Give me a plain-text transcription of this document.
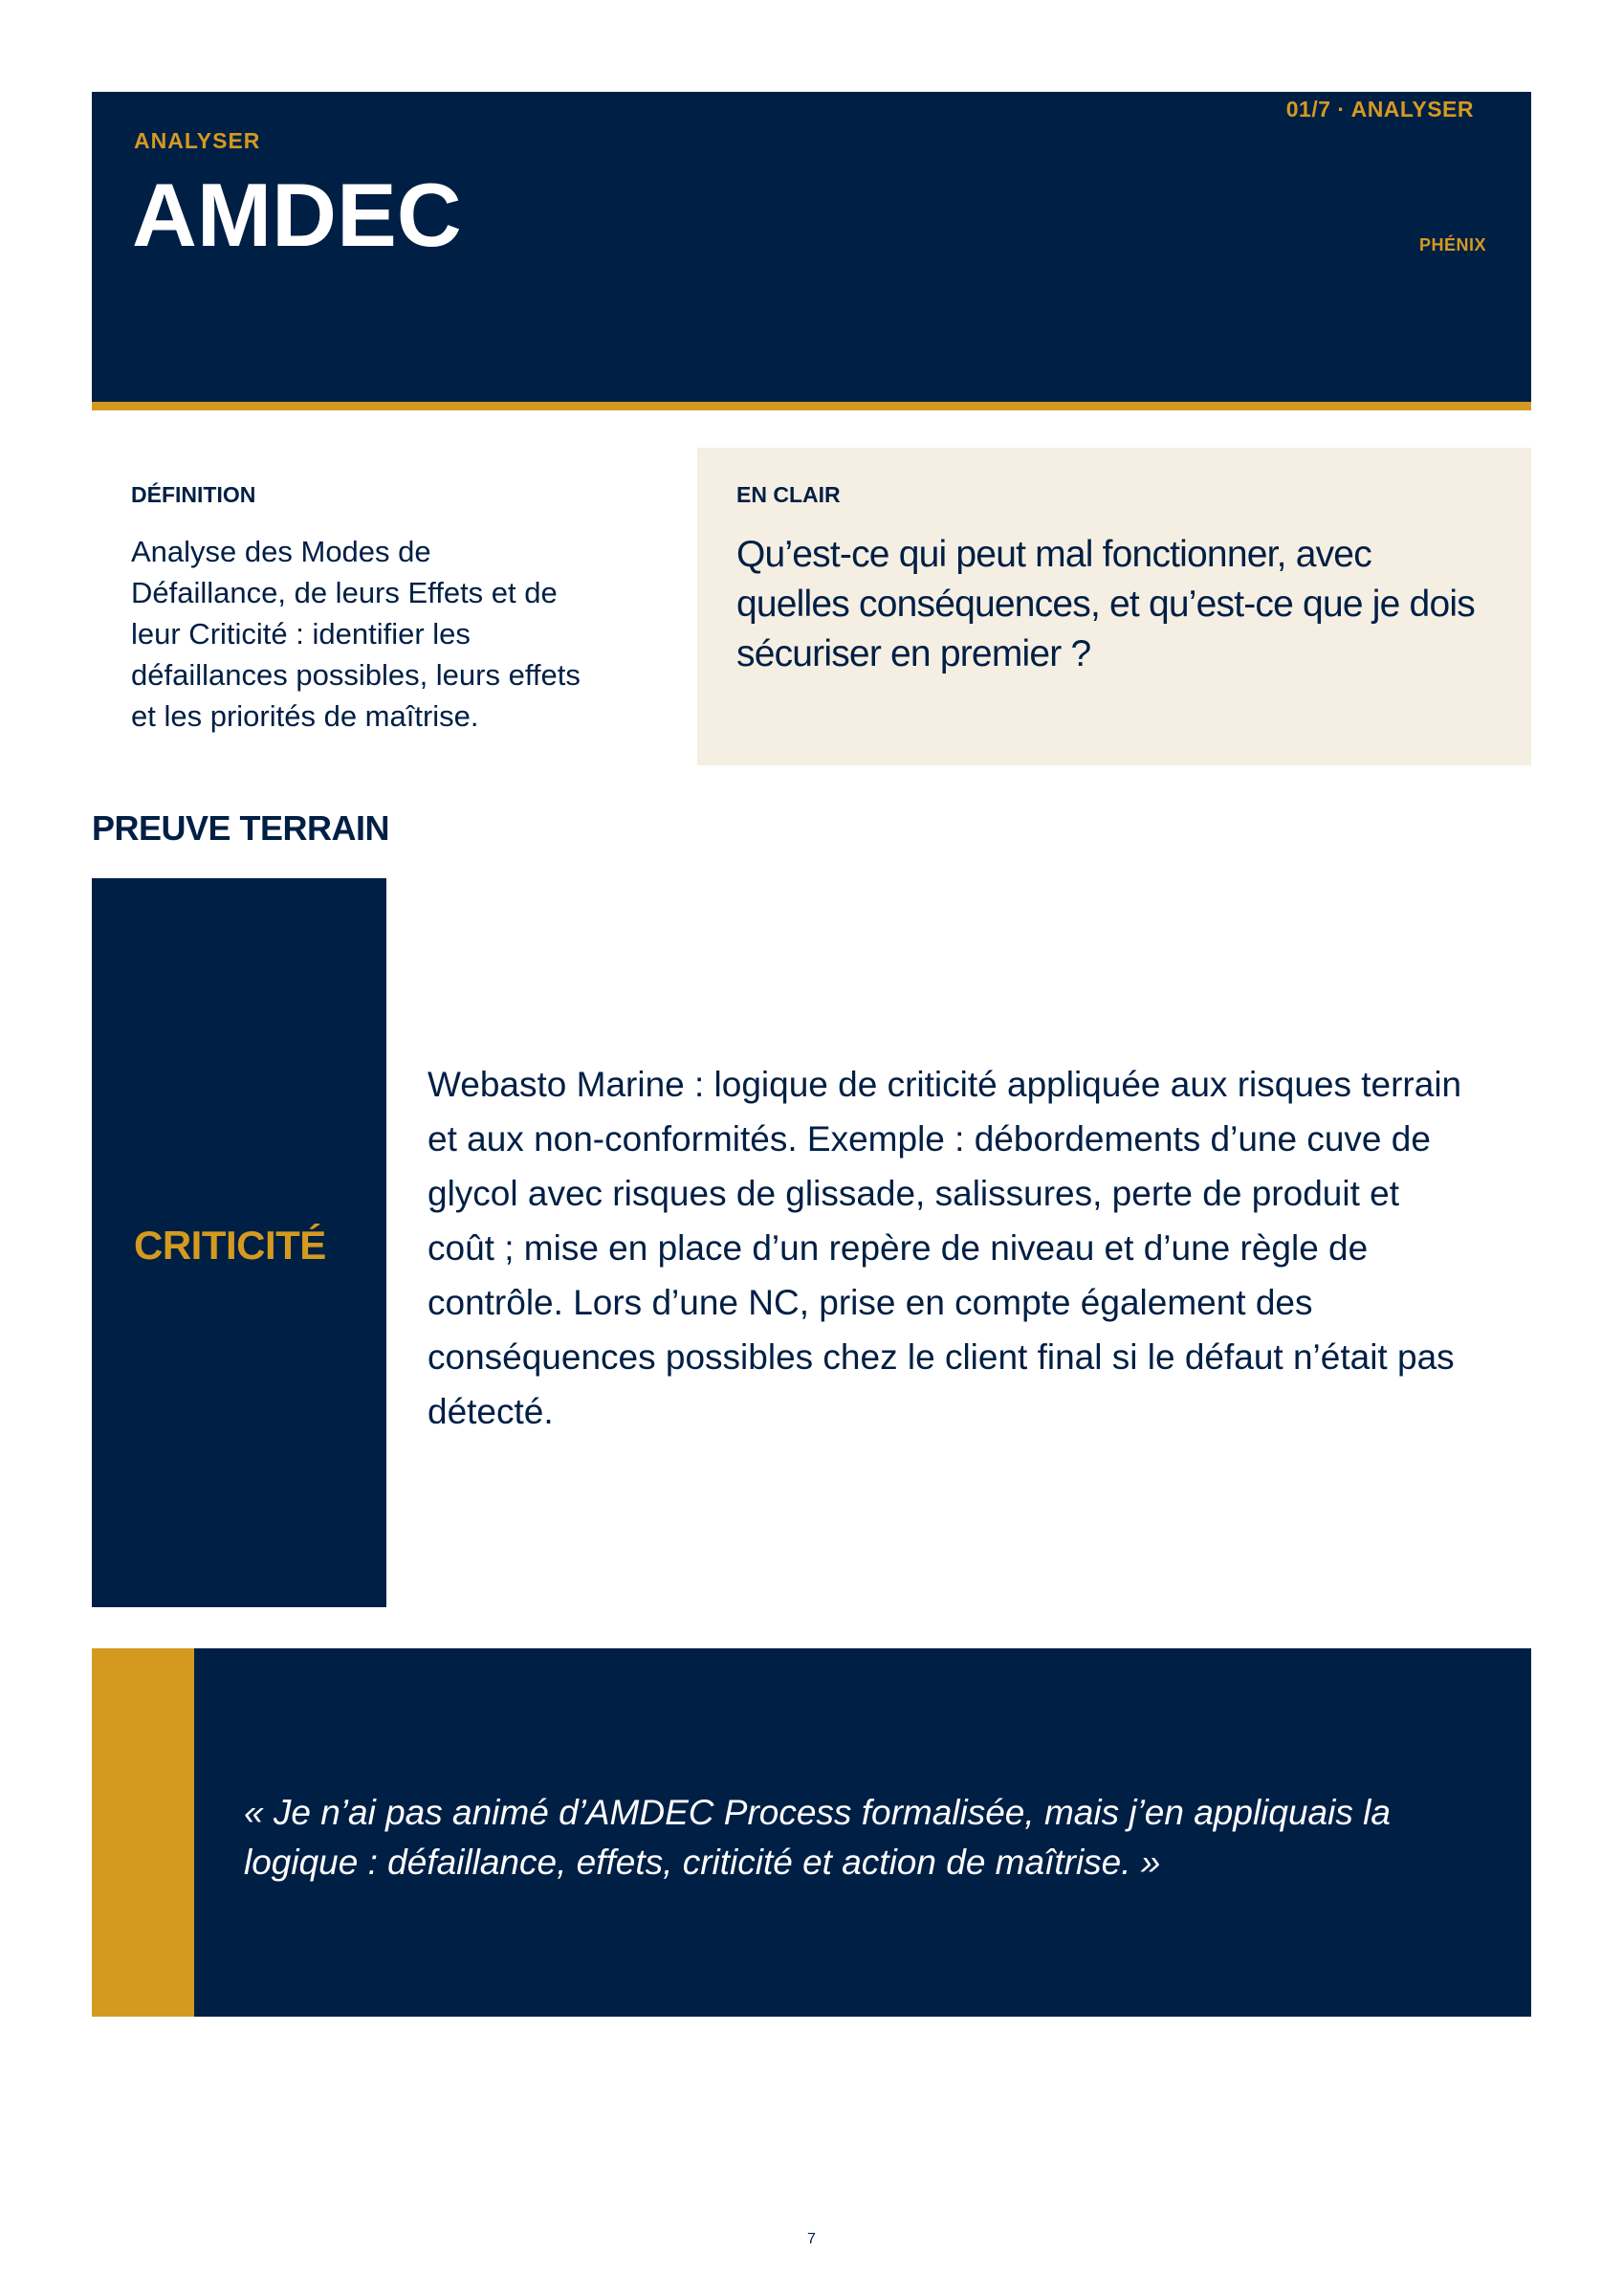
01/7 · ANALYSER
ANALYSER
AMDEC	PHÉNIX
DÉFINITION
Analyse des Modes de Défaillance, de leurs Effets et de leur Criticité : identifier les défaillances possibles, leurs effets et les priorités de maîtrise.
EN CLAIR
Qu’est-ce qui peut mal fonctionner, avec quelles conséquences, et qu’est-ce que je dois sécuriser en premier ?
PREUVE TERRAIN
CRITICITÉ
Webasto Marine : logique de criticité appliquée aux risques terrain et aux non-conformités. Exemple : débordements d’une cuve de glycol avec risques de glissade, salissures, perte de produit et coût ; mise en place d’un repère de niveau et d’une règle de contrôle. Lors d’une NC, prise en compte également des conséquences possibles chez le client final si le défaut n’était pas détecté.
« Je n’ai pas animé d’AMDEC Process formalisée, mais j’en appliquais la logique : défaillance, effets, criticité et action de maîtrise. »
7
